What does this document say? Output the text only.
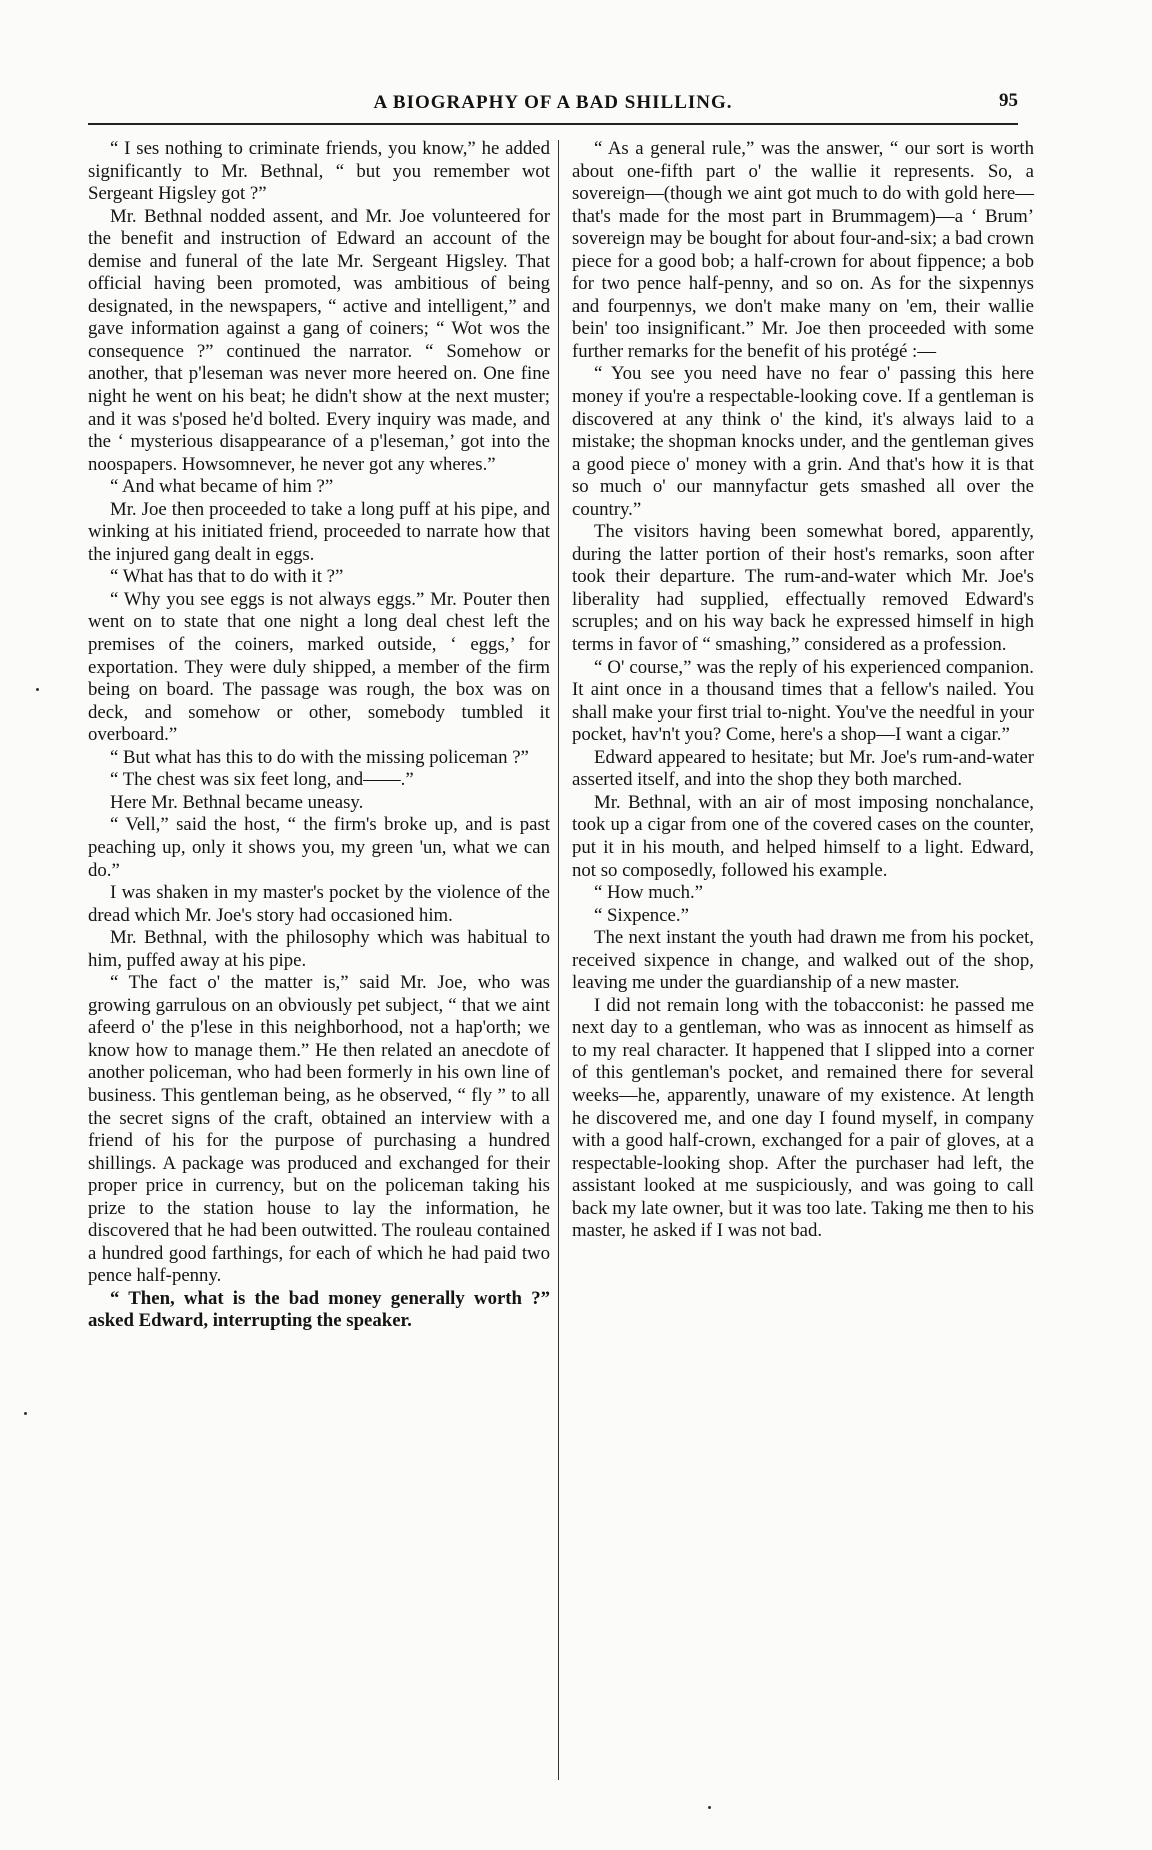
A BIOGRAPHY OF A BAD SHILLING.	95

“ I ses nothing to criminate friends, you know,” he added significantly to Mr. Bethnal, “ but you remember wot Sergeant Higsley got ?”

Mr. Bethnal nodded assent, and Mr. Joe volunteered for the benefit and instruction of Edward an account of the demise and funeral of the late Mr. Sergeant Higsley. That official having been promoted, was ambitious of being designated, in the newspapers, “ active and intelligent,” and gave information against a gang of coiners; “ Wot wos the consequence ?” continued the narrator. “ Somehow or another, that p'leseman was never more heered on. One fine night he went on his beat; he didn't show at the next muster; and it was s'posed he'd bolted. Every inquiry was made, and the ‘ mysterious disappearance of a p'leseman,’ got into the noospapers. Howsomnever, he never got any wheres.”

“ And what became of him ?”

Mr. Joe then proceeded to take a long puff at his pipe, and winking at his initiated friend, proceeded to narrate how that the injured gang dealt in eggs.

“ What has that to do with it ?”

“ Why you see eggs is not always eggs.” Mr. Pouter then went on to state that one night a long deal chest left the premises of the coiners, marked outside, ‘ eggs,’ for exportation. They were duly shipped, a member of the firm being on board. The passage was rough, the box was on deck, and somehow or other, somebody tumbled it overboard.”

“ But what has this to do with the missing policeman ?”

“ The chest was six feet long, and——.”

Here Mr. Bethnal became uneasy.

“ Vell,” said the host, “ the firm's broke up, and is past peaching up, only it shows you, my green 'un, what we can do.”

I was shaken in my master's pocket by the violence of the dread which Mr. Joe's story had occasioned him.

Mr. Bethnal, with the philosophy which was habitual to him, puffed away at his pipe.

“ The fact o' the matter is,” said Mr. Joe, who was growing garrulous on an obviously pet subject, “ that we aint afeerd o' the p'lese in this neighborhood, not a hap'orth; we know how to manage them.” He then related an anecdote of another policeman, who had been formerly in his own line of business. This gentleman being, as he observed, “ fly ” to all the secret signs of the craft, obtained an interview with a friend of his for the purpose of purchasing a hundred shillings. A package was produced and exchanged for their proper price in currency, but on the policeman taking his prize to the station house to lay the information, he discovered that he had been outwitted. The rouleau contained a hundred good farthings, for each of which he had paid two pence half-penny.

“ Then, what is the bad money generally worth ?” asked Edward, interrupting the speaker.

“ As a general rule,” was the answer, “ our sort is worth about one-fifth part o' the wallie it represents. So, a sovereign—(though we aint got much to do with gold here—that's made for the most part in Brummagem)—a ‘ Brum’ sovereign may be bought for about four-and-six; a bad crown piece for a good bob; a half-crown for about fippence; a bob for two pence half-penny, and so on. As for the sixpennys and fourpennys, we don't make many on 'em, their wallie bein' too insignificant.” Mr. Joe then proceeded with some further remarks for the benefit of his protégé :—

“ You see you need have no fear o' passing this here money if you're a respectable-looking cove. If a gentleman is discovered at any think o' the kind, it's always laid to a mistake; the shopman knocks under, and the gentleman gives a good piece o' money with a grin. And that's how it is that so much o' our mannyfactur gets smashed all over the country.”

The visitors having been somewhat bored, apparently, during the latter portion of their host's remarks, soon after took their departure. The rum-and-water which Mr. Joe's liberality had supplied, effectually removed Edward's scruples; and on his way back he expressed himself in high terms in favor of “ smashing,” considered as a profession.

“ O' course,” was the reply of his experienced companion. It aint once in a thousand times that a fellow's nailed. You shall make your first trial to-night. You've the needful in your pocket, hav'n't you? Come, here's a shop—I want a cigar.”

Edward appeared to hesitate; but Mr. Joe's rum-and-water asserted itself, and into the shop they both marched.

Mr. Bethnal, with an air of most imposing nonchalance, took up a cigar from one of the covered cases on the counter, put it in his mouth, and helped himself to a light. Edward, not so composedly, followed his example.

“ How much.”

“ Sixpence.”

The next instant the youth had drawn me from his pocket, received sixpence in change, and walked out of the shop, leaving me under the guardianship of a new master.

I did not remain long with the tobacconist: he passed me next day to a gentleman, who was as innocent as himself as to my real character. It happened that I slipped into a corner of this gentleman's pocket, and remained there for several weeks—he, apparently, unaware of my existence. At length he discovered me, and one day I found myself, in company with a good half-crown, exchanged for a pair of gloves, at a respectable-looking shop. After the purchaser had left, the assistant looked at me suspiciously, and was going to call back my late owner, but it was too late. Taking me then to his master, he asked if I was not bad.
